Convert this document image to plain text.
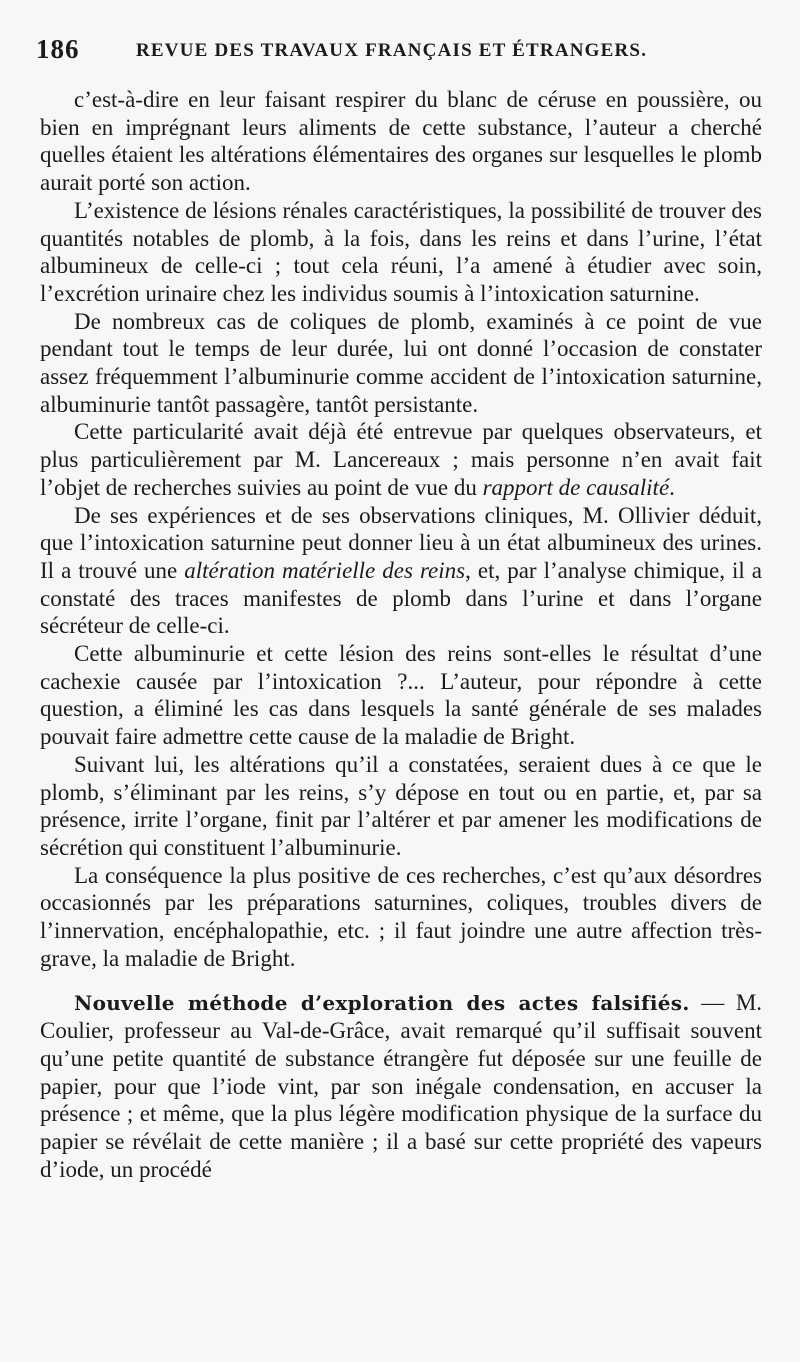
186	REVUE DES TRAVAUX FRANÇAIS ET ÉTRANGERS.

c’est-à-dire en leur faisant respirer du blanc de céruse en poussière, ou bien en imprégnant leurs aliments de cette substance, l’auteur a cherché quelles étaient les altérations élémentaires des organes sur lesquelles le plomb aurait porté son action.

L’existence de lésions rénales caractéristiques, la possibilité de trouver des quantités notables de plomb, à la fois, dans les reins et dans l’urine, l’état albumineux de celle-ci ; tout cela réuni, l’a amené à étudier avec soin, l’excrétion urinaire chez les individus soumis à l’intoxication saturnine.

De nombreux cas de coliques de plomb, examinés à ce point de vue pendant tout le temps de leur durée, lui ont donné l’occasion de constater assez fréquemment l’albuminurie comme accident de l’intoxication saturnine, albuminurie tantôt passagère, tantôt persistante.

Cette particularité avait déjà été entrevue par quelques observateurs, et plus particulièrement par M. Lancereaux ; mais personne n’en avait fait l’objet de recherches suivies au point de vue du rapport de causalité.

De ses expériences et de ses observations cliniques, M. Ollivier déduit, que l’intoxication saturnine peut donner lieu à un état albumineux des urines. Il a trouvé une altération matérielle des reins, et, par l’analyse chimique, il a constaté des traces manifestes de plomb dans l’urine et dans l’organe sécréteur de celle-ci.

Cette albuminurie et cette lésion des reins sont-elles le résultat d’une cachexie causée par l’intoxication ?... L’auteur, pour répondre à cette question, a éliminé les cas dans lesquels la santé générale de ses malades pouvait faire admettre cette cause de la maladie de Bright.

Suivant lui, les altérations qu’il a constatées, seraient dues à ce que le plomb, s’éliminant par les reins, s’y dépose en tout ou en partie, et, par sa présence, irrite l’organe, finit par l’altérer et par amener les modifications de sécrétion qui constituent l’albuminurie.

La conséquence la plus positive de ces recherches, c’est qu’aux désordres occasionnés par les préparations saturnines, coliques, troubles divers de l’innervation, encéphalopathie, etc. ; il faut joindre une autre affection très-grave, la maladie de Bright.

Nouvelle méthode d’exploration des actes falsifiés. — M. Coulier, professeur au Val-de-Grâce, avait remarqué qu’il suffisait souvent qu’une petite quantité de substance étrangère fut déposée sur une feuille de papier, pour que l’iode vint, par son inégale condensation, en accuser la présence ; et même, que la plus légère modification physique de la surface du papier se révélait de cette manière ; il a basé sur cette propriété des vapeurs d’iode, un procédé
